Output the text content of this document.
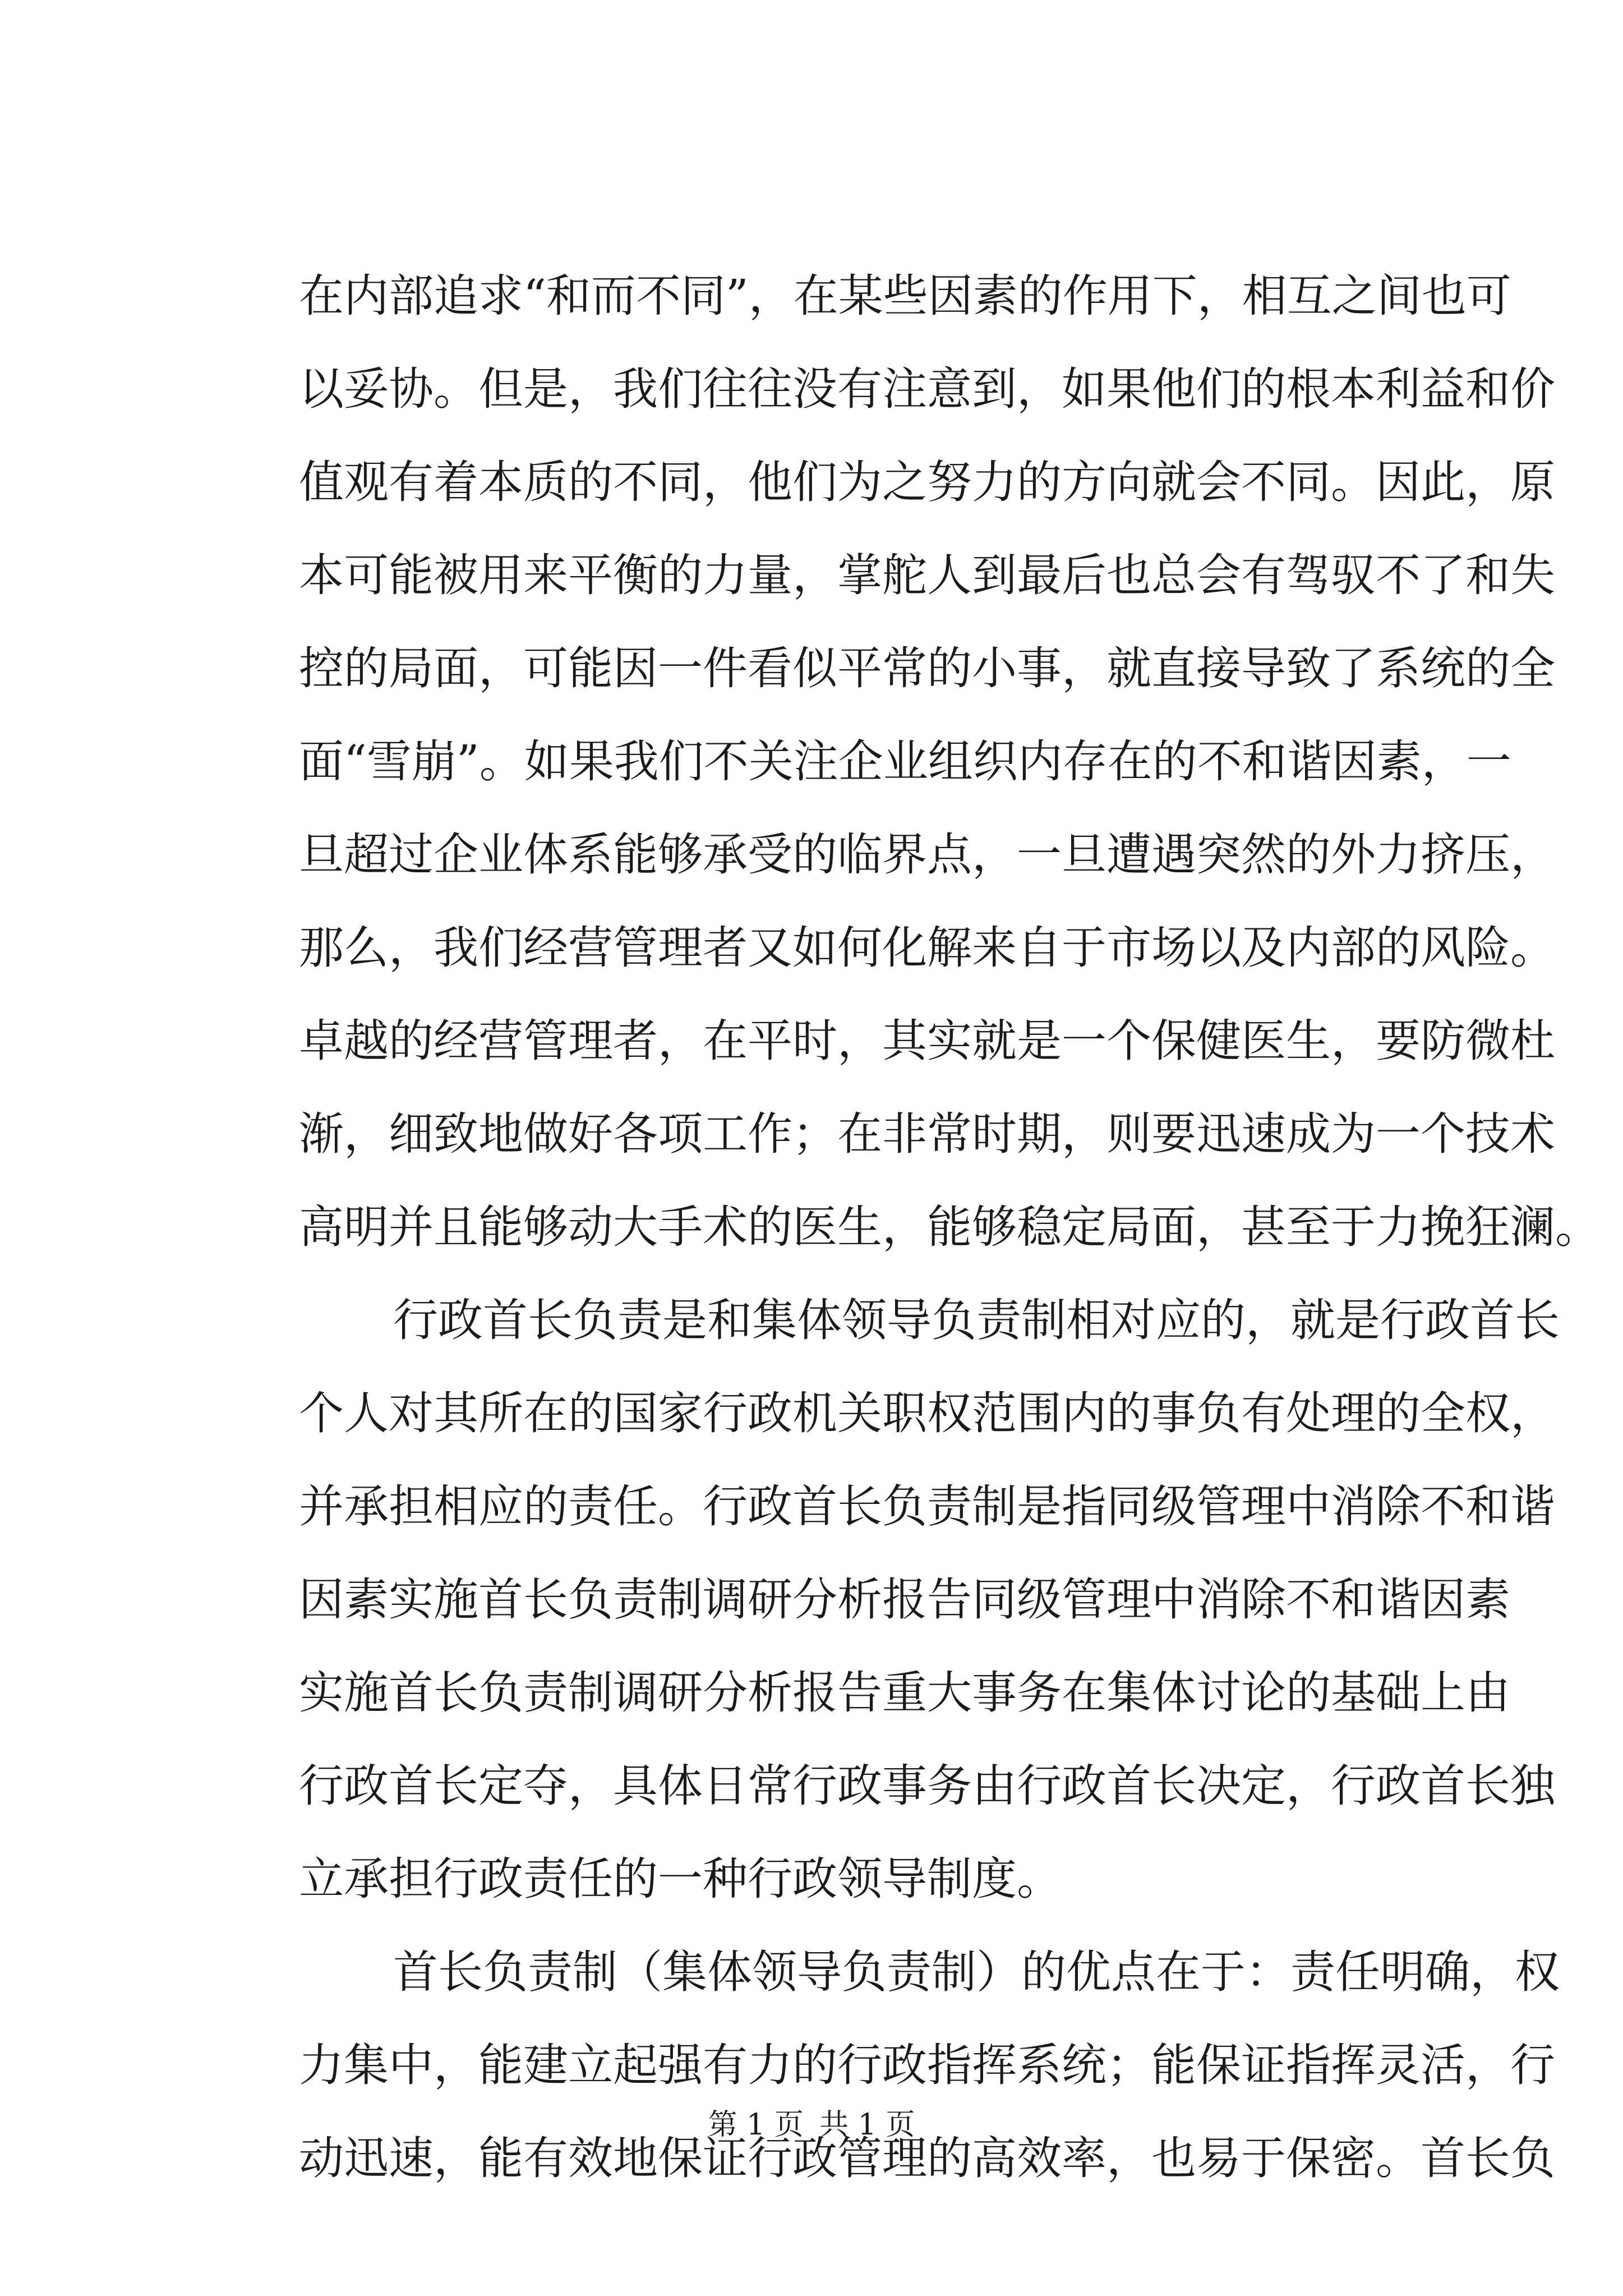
在内部追求“和而不同”，在某些因素的作用下，相互之间也可
以妥协。但是，我们往往没有注意到，如果他们的根本利益和价
值观有着本质的不同，他们为之努力的方向就会不同。因此，原
本可能被用来平衡的力量，掌舵人到最后也总会有驾驭不了和失
控的局面，可能因一件看似平常的小事，就直接导致了系统的全
面“雪崩”。如果我们不关注企业组织内存在的不和谐因素，一
旦超过企业体系能够承受的临界点，一旦遭遇突然的外力挤压，
那么，我们经营管理者又如何化解来自于市场以及内部的风险。
卓越的经营管理者，在平时，其实就是一个保健医生，要防微杜
渐，细致地做好各项工作；在非常时期，则要迅速成为一个技术
高明并且能够动大手术的医生，能够稳定局面，甚至于力挽狂澜。
行政首长负责是和集体领导负责制相对应的，就是行政首长
个人对其所在的国家行政机关职权范围内的事负有处理的全权，
并承担相应的责任。行政首长负责制是指同级管理中消除不和谐
因素实施首长负责制调研分析报告同级管理中消除不和谐因素
实施首长负责制调研分析报告重大事务在集体讨论的基础上由
行政首长定夺，具体日常行政事务由行政首长决定，行政首长独
立承担行政责任的一种行政领导制度。
首长负责制（集体领导负责制）的优点在于：责任明确，权
力集中，能建立起强有力的行政指挥系统；能保证指挥灵活，行
动迅速，能有效地保证行政管理的高效率，也易于保密。首长负
第 1 页 共 1 页
